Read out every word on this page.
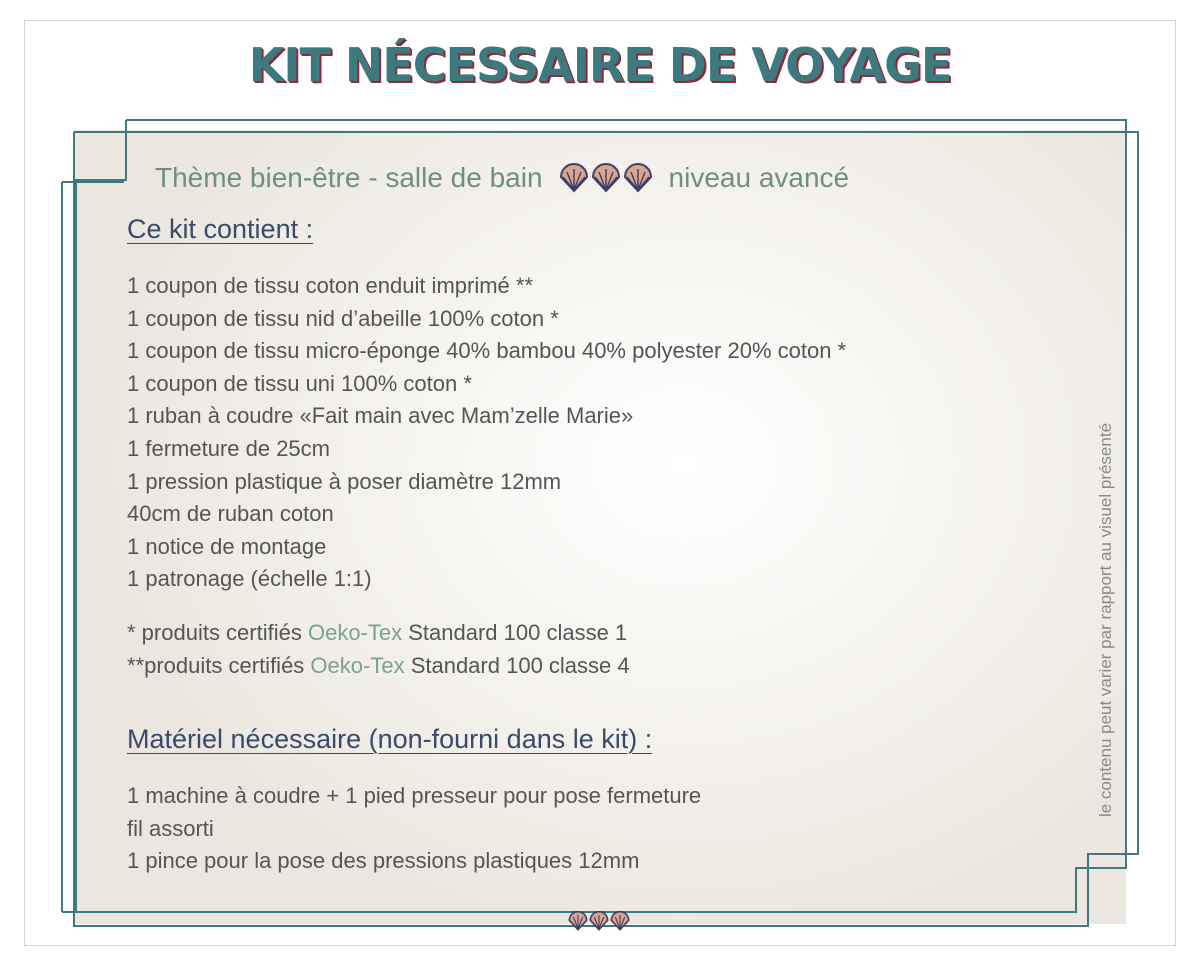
KIT NÉCESSAIRE DE VOYAGE
Thème bien-être - salle de bain	niveau avancé
Ce kit contient :
1 coupon de tissu coton enduit imprimé **
1 coupon de tissu nid d’abeille 100% coton *
1 coupon de tissu micro-éponge 40% bambou 40% polyester 20% coton *
1 coupon de tissu uni 100% coton *
1 ruban à coudre «Fait main avec Mam’zelle Marie»
1 fermeture de 25cm
1 pression plastique à poser diamètre 12mm
40cm de ruban coton
1 notice de montage
1 patronage (échelle 1:1)
* produits certifiés Oeko-Tex Standard 100 classe 1
**produits certifiés Oeko-Tex Standard 100 classe 4
Matériel nécessaire (non-fourni dans le kit) :
1 machine à coudre + 1 pied presseur pour pose fermeture
fil assorti
1 pince pour la pose des pressions plastiques 12mm
le contenu peut varier par rapport au visuel présenté
